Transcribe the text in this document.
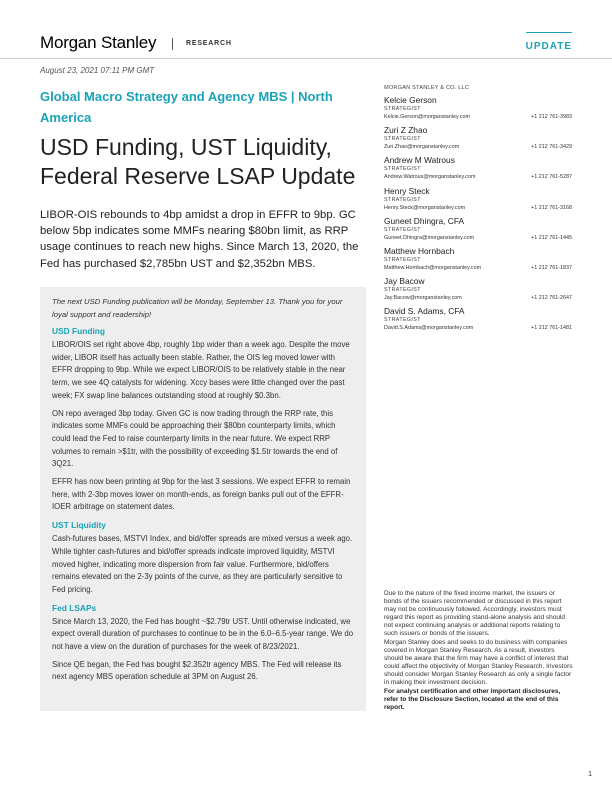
Morgan Stanley	RESEARCH	UPDATE
August 23, 2021 07:11 PM GMT
Global Macro Strategy and Agency MBS | North America
USD Funding, UST Liquidity, Federal Reserve LSAP Update

LIBOR-OIS rebounds to 4bp amidst a drop in EFFR to 9bp. GC below 5bp indicates some MMFs nearing $80bn limit, as RRP usage continues to reach new highs. Since March 13, 2020, the Fed has purchased $2,785bn UST and $2,352bn MBS.

The next USD Funding publication will be Monday, September 13. Thank you for your loyal support and readership!

USD Funding

LIBOR/OIS set right above 4bp, roughly 1bp wider than a week ago. Despite the move wider, LIBOR itself has actually been stable. Rather, the OIS leg moved lower with EFFR dropping to 9bp. While we expect LIBOR/OIS to be relatively stable in the near term, we see 4Q catalysts for widening. Xccy bases were little changed over the past week; FX swap line balances outstanding stood at roughly $0.3bn.

ON repo averaged 3bp today. Given GC is now trading through the RRP rate, this indicates some MMFs could be approaching their $80bn counterparty limits, which could lead the Fed to raise counterparty limits in the near future. We expect RRP volumes to remain >$1tr, with the possibility of exceeding $1.5tr towards the end of 3Q21.

EFFR has now been printing at 9bp for the last 3 sessions. We expect EFFR to remain here, with 2-3bp moves lower on month-ends, as foreign banks pull out of the EFFR-IOER arbitrage on statement dates.

UST Liquidity

Cash-futures bases, MSTVI Index, and bid/offer spreads are mixed versus a week ago. While tighter cash-futures and bid/offer spreads indicate improved liquidity, MSTVI moved higher, indicating more dispersion from fair value. Furthermore, bid/offers remains elevated on the 2-3y points of the curve, as they are particularly sensitive to Fed pricing.

Fed LSAPs

Since March 13, 2020, the Fed has bought ~$2.79tr UST. Until otherwise indicated, we expect overall duration of purchases to continue to be in the 6.0–6.5-year range. We do not have a view on the duration of purchases for the week of 8/23/2021.

Since QE began, the Fed has bought $2.352tr agency MBS. The Fed will release its next agency MBS operation schedule at 3PM on August 26.

MORGAN STANLEY & CO. LLC
Kelcie Gerson
STRATEGIST
Kelcie.Gerson@morganstanley.com	+1 212 761-3983
Zuri Z Zhao
STRATEGIST
Zuri.Zhao@morganstanley.com	+1 212 761-3429
Andrew M Watrous
STRATEGIST
Andrew.Watrous@morganstanley.com	+1 212 761-5287
Henry Steck
STRATEGIST
Henry.Steck@morganstanley.com	+1 212 761-3168
Guneet Dhingra, CFA
STRATEGIST
Guneet.Dhingra@morganstanley.com	+1 212 761-1445
Matthew Hornbach
STRATEGIST
Matthew.Hornbach@morganstanley.com	+1 212 761-1837
Jay Bacow
STRATEGIST
Jay.Bacow@morganstanley.com	+1 212 761-2647
David S. Adams, CFA
STRATEGIST
David.S.Adams@morganstanley.com	+1 212 761-1481

Due to the nature of the fixed income market, the issuers or bonds of the issuers recommended or discussed in this report may not be continuously followed. Accordingly, investors must regard this report as providing stand-alone analysis and should not expect continuing analysis or additional reports relating to such issuers or bonds of the issuers.

Morgan Stanley does and seeks to do business with companies covered in Morgan Stanley Research. As a result, investors should be aware that the firm may have a conflict of interest that could affect the objectivity of Morgan Stanley Research. Investors should consider Morgan Stanley Research as only a single factor in making their investment decision.

For analyst certification and other important disclosures, refer to the Disclosure Section, located at the end of this report.

1
